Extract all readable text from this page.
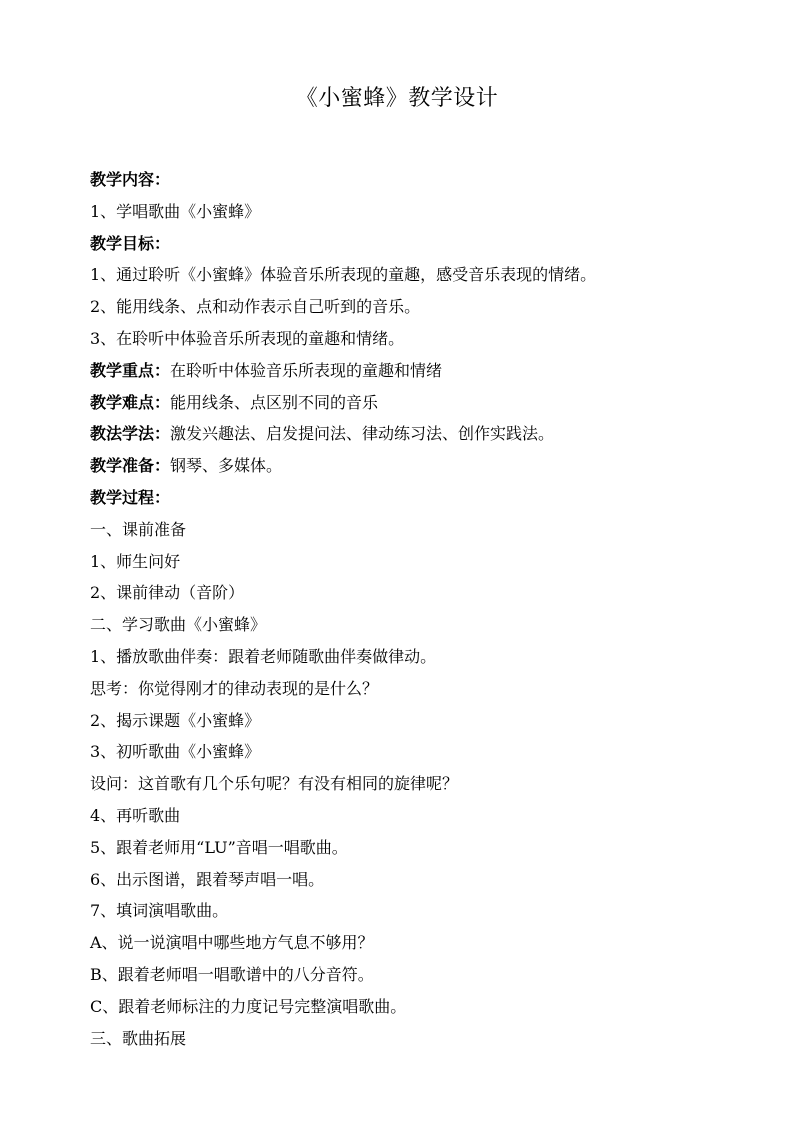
《小蜜蜂》教学设计
教学内容：
1、学唱歌曲《小蜜蜂》
教学目标：
1、通过聆听《小蜜蜂》体验音乐所表现的童趣，感受音乐表现的情绪。
2、能用线条、点和动作表示自己听到的音乐。
3、在聆听中体验音乐所表现的童趣和情绪。
教学重点：在聆听中体验音乐所表现的童趣和情绪
教学难点：能用线条、点区别不同的音乐
教法学法：激发兴趣法、启发提问法、律动练习法、创作实践法。
教学准备：钢琴、多媒体。
教学过程：
一、课前准备
1、师生问好
2、课前律动（音阶）
二、学习歌曲《小蜜蜂》
1、播放歌曲伴奏：跟着老师随歌曲伴奏做律动。
思考：你觉得刚才的律动表现的是什么？
2、揭示课题《小蜜蜂》
3、初听歌曲《小蜜蜂》
设问：这首歌有几个乐句呢？有没有相同的旋律呢？
4、再听歌曲
5、跟着老师用“LU”音唱一唱歌曲。
6、出示图谱，跟着琴声唱一唱。
7、填词演唱歌曲。
A、说一说演唱中哪些地方气息不够用？
B、跟着老师唱一唱歌谱中的八分音符。
C、跟着老师标注的力度记号完整演唱歌曲。
三、歌曲拓展
